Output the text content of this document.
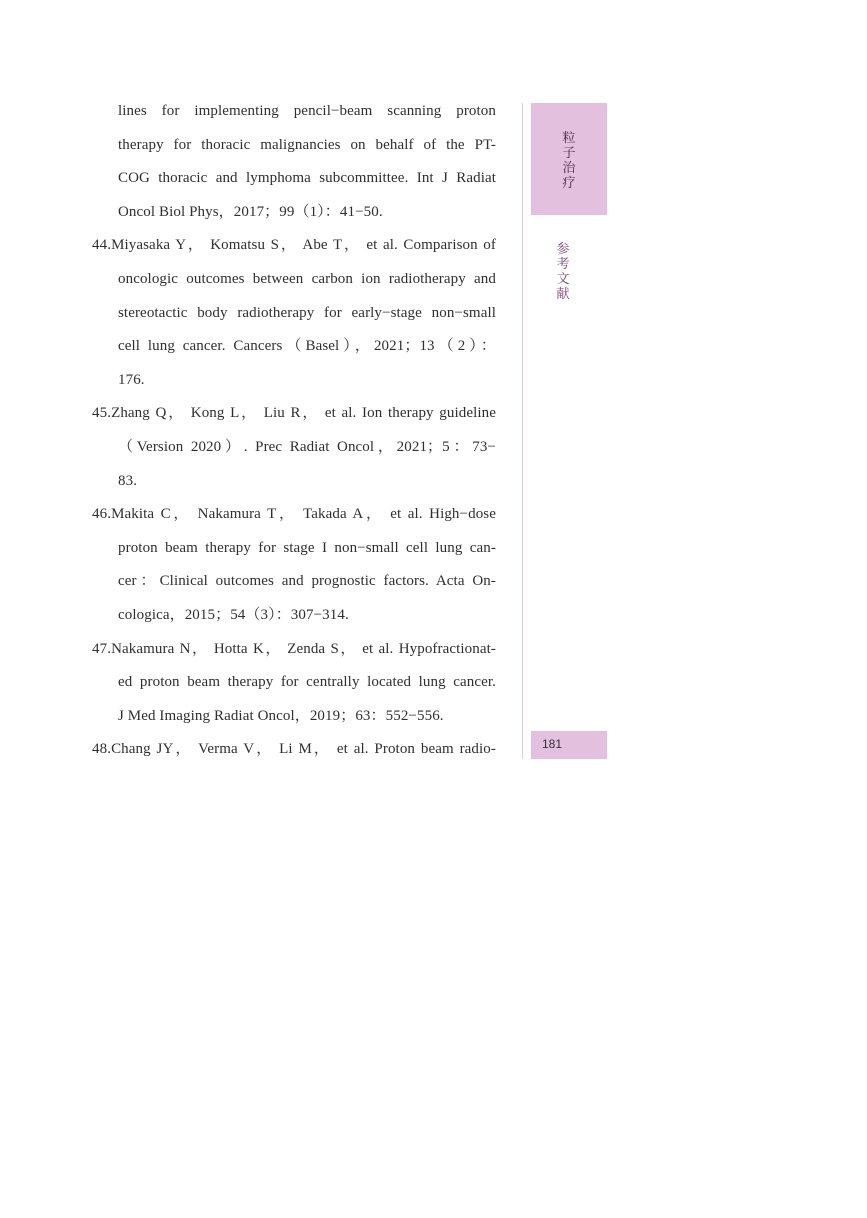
lines for implementing pencil−beam scanning proton
therapy for thoracic malignancies on behalf of the PT-
COG thoracic and lymphoma subcommittee. Int J Radiat
Oncol Biol Phys，2017；99（1）：41−50.
44.Miyasaka Y， Komatsu S， Abe T， et al. Comparison of
oncologic outcomes between carbon ion radiotherapy and
stereotactic body radiotherapy for early−stage non−small
cell lung cancer. Cancers（Basel），2021；13（2）：
176.
45.Zhang Q， Kong L， Liu R， et al. Ion therapy guideline
（Version 2020）. Prec Radiat Oncol，2021；5：73−
83.
46.Makita C， Nakamura T， Takada A， et al. High−dose
proton beam therapy for stage I non−small cell lung can-
cer：Clinical outcomes and prognostic factors. Acta On-
cologica，2015；54（3）：307−314.
47.Nakamura N， Hotta K， Zenda S， et al. Hypofractionat-
ed proton beam therapy for centrally located lung cancer.
J Med Imaging Radiat Oncol，2019；63：552−556.
48.Chang JY， Verma V， Li M， et al. Proton beam radio-
粒子治疗
参考文献
181
